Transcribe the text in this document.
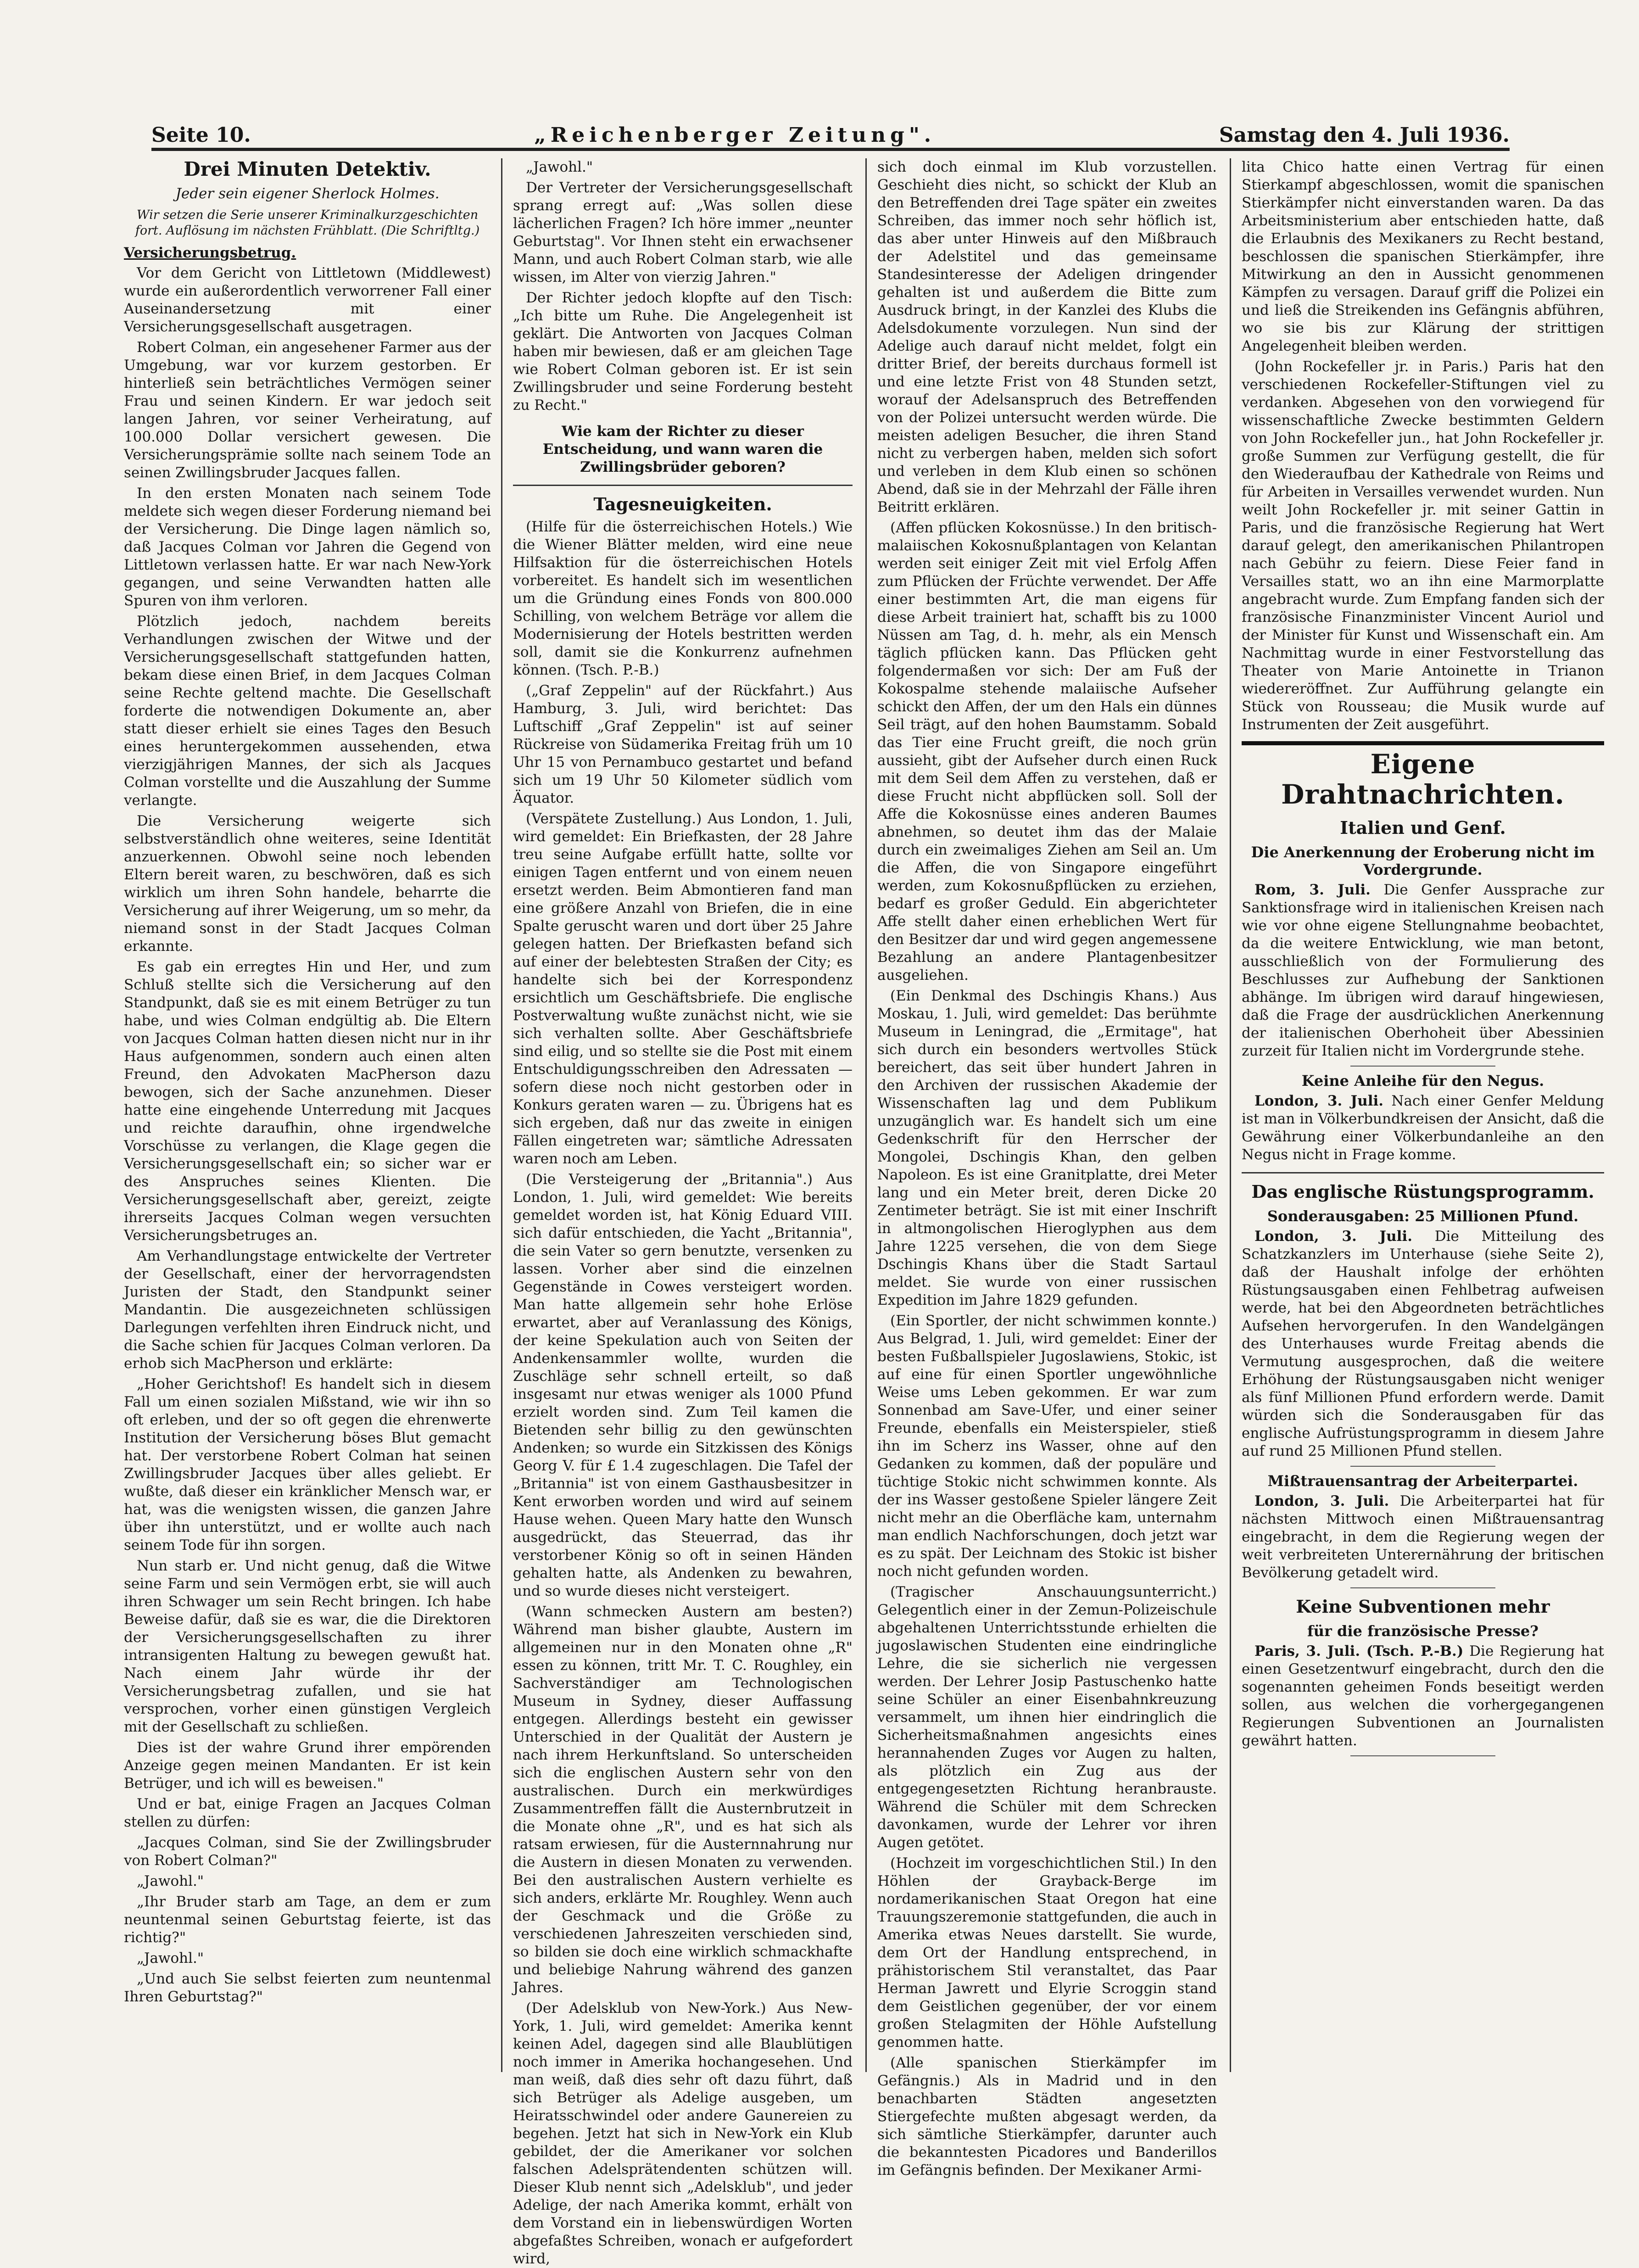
Seite 10.	„Reichenberger Zeitung".	Samstag den 4. Juli 1936.
Drei Minuten Detektiv.
Jeder sein eigener Sherlock Holmes.
Wir setzen die Serie unserer Kriminalkurzgeschichten fort. Auflösung im nächsten Frühblatt. (Die Schriftltg.)
Versicherungsbetrug.

Vor dem Gericht von Littletown (Middlewest) wurde ein außerordentlich verworrener Fall einer Auseinandersetzung mit einer Versicherungsgesellschaft ausgetragen.

Robert Colman, ein angesehener Farmer aus der Umgebung, war vor kurzem gestorben. Er hinterließ sein beträchtliches Vermögen seiner Frau und seinen Kindern. Er war jedoch seit langen Jahren, vor seiner Verheiratung, auf 100.000 Dollar versichert gewesen. Die Versicherungsprämie sollte nach seinem Tode an seinen Zwillingsbruder Jacques fallen.

In den ersten Monaten nach seinem Tode meldete sich wegen dieser Forderung niemand bei der Versicherung. Die Dinge lagen nämlich so, daß Jacques Colman vor Jahren die Gegend von Littletown verlassen hatte. Er war nach New-York gegangen, und seine Verwandten hatten alle Spuren von ihm verloren.

Plötzlich jedoch, nachdem bereits Verhandlungen zwischen der Witwe und der Versicherungsgesellschaft stattgefunden hatten, bekam diese einen Brief, in dem Jacques Colman seine Rechte geltend machte. Die Gesellschaft forderte die notwendigen Dokumente an, aber statt dieser erhielt sie eines Tages den Besuch eines heruntergekommen aussehenden, etwa vierzigjährigen Mannes, der sich als Jacques Colman vorstellte und die Auszahlung der Summe verlangte.

Die Versicherung weigerte sich selbstverständlich ohne weiteres, seine Identität anzuerkennen. Obwohl seine noch lebenden Eltern bereit waren, zu beschwören, daß es sich wirklich um ihren Sohn handele, beharrte die Versicherung auf ihrer Weigerung, um so mehr, da niemand sonst in der Stadt Jacques Colman erkannte.

Es gab ein erregtes Hin und Her, und zum Schluß stellte sich die Versicherung auf den Standpunkt, daß sie es mit einem Betrüger zu tun habe, und wies Colman endgültig ab. Die Eltern von Jacques Colman hatten diesen nicht nur in ihr Haus aufgenommen, sondern auch einen alten Freund, den Advokaten MacPherson dazu bewogen, sich der Sache anzunehmen. Dieser hatte eine eingehende Unterredung mit Jacques und reichte daraufhin, ohne irgendwelche Vorschüsse zu verlangen, die Klage gegen die Versicherungsgesellschaft ein; so sicher war er des Anspruches seines Klienten. Die Versicherungsgesellschaft aber, gereizt, zeigte ihrerseits Jacques Colman wegen versuchten Versicherungsbetruges an.

Am Verhandlungstage entwickelte der Vertreter der Gesellschaft, einer der hervorragendsten Juristen der Stadt, den Standpunkt seiner Mandantin. Die ausgezeichneten schlüssigen Darlegungen verfehlten ihren Eindruck nicht, und die Sache schien für Jacques Colman verloren. Da erhob sich MacPherson und erklärte:

„Hoher Gerichtshof! Es handelt sich in diesem Fall um einen sozialen Mißstand, wie wir ihn so oft erleben, und der so oft gegen die ehrenwerte Institution der Versicherung böses Blut gemacht hat. Der verstorbene Robert Colman hat seinen Zwillingsbruder Jacques über alles geliebt. Er wußte, daß dieser ein kränklicher Mensch war, er hat, was die wenigsten wissen, die ganzen Jahre über ihn unterstützt, und er wollte auch nach seinem Tode für ihn sorgen.

Nun starb er. Und nicht genug, daß die Witwe seine Farm und sein Vermögen erbt, sie will auch ihren Schwager um sein Recht bringen. Ich habe Beweise dafür, daß sie es war, die die Direktoren der Versicherungsgesellschaften zu ihrer intransigenten Haltung zu bewegen gewußt hat. Nach einem Jahr würde ihr der Versicherungsbetrag zufallen, und sie hat versprochen, vorher einen günstigen Vergleich mit der Gesellschaft zu schließen.

Dies ist der wahre Grund ihrer empörenden Anzeige gegen meinen Mandanten. Er ist kein Betrüger, und ich will es beweisen."

Und er bat, einige Fragen an Jacques Colman stellen zu dürfen:

„Jacques Colman, sind Sie der Zwillingsbruder von Robert Colman?"

„Jawohl."

„Ihr Bruder starb am Tage, an dem er zum neuntenmal seinen Geburtstag feierte, ist das richtig?"

„Jawohl."

„Und auch Sie selbst feierten zum neuntenmal Ihren Geburtstag?"

„Jawohl."

Der Vertreter der Versicherungsgesellschaft sprang erregt auf: „Was sollen diese lächerlichen Fragen? Ich höre immer „neunter Geburtstag". Vor Ihnen steht ein erwachsener Mann, und auch Robert Colman starb, wie alle wissen, im Alter von vierzig Jahren."

Der Richter jedoch klopfte auf den Tisch: „Ich bitte um Ruhe. Die Angelegenheit ist geklärt. Die Antworten von Jacques Colman haben mir bewiesen, daß er am gleichen Tage wie Robert Colman geboren ist. Er ist sein Zwillingsbruder und seine Forderung besteht zu Recht."

Wie kam der Richter zu dieser Entscheidung, und wann waren die Zwillingsbrüder geboren?

Tagesneuigkeiten.

(Hilfe für die österreichischen Hotels.) Wie die Wiener Blätter melden, wird eine neue Hilfsaktion für die österreichischen Hotels vorbereitet. Es handelt sich im wesentlichen um die Gründung eines Fonds von 800.000 Schilling, von welchem Beträge vor allem die Modernisierung der Hotels bestritten werden soll, damit sie die Konkurrenz aufnehmen können. (Tsch. P.-B.)

(„Graf Zeppelin" auf der Rückfahrt.) Aus Hamburg, 3. Juli, wird berichtet: Das Luftschiff „Graf Zeppelin" ist auf seiner Rückreise von Südamerika Freitag früh um 10 Uhr 15 von Pernambuco gestartet und befand sich um 19 Uhr 50 Kilometer südlich vom Äquator.

(Verspätete Zustellung.) Aus London, 1. Juli, wird gemeldet: Ein Briefkasten, der 28 Jahre treu seine Aufgabe erfüllt hatte, sollte vor einigen Tagen entfernt und von einem neuen ersetzt werden. Beim Abmontieren fand man eine größere Anzahl von Briefen, die in eine Spalte geruscht waren und dort über 25 Jahre gelegen hatten. Der Briefkasten befand sich auf einer der belebtesten Straßen der City; es handelte sich bei der Korrespondenz ersichtlich um Geschäftsbriefe. Die englische Postverwaltung wußte zunächst nicht, wie sie sich verhalten sollte. Aber Geschäftsbriefe sind eilig, und so stellte sie die Post mit einem Entschuldigungsschreiben den Adressaten — sofern diese noch nicht gestorben oder in Konkurs geraten waren — zu. Übrigens hat es sich ergeben, daß nur das zweite in einigen Fällen eingetreten war; sämtliche Adressaten waren noch am Leben.

(Die Versteigerung der „Britannia".) Aus London, 1. Juli, wird gemeldet: Wie bereits gemeldet worden ist, hat König Eduard VIII. sich dafür entschieden, die Yacht „Britannia", die sein Vater so gern benutzte, versenken zu lassen. Vorher aber sind die einzelnen Gegenstände in Cowes versteigert worden. Man hatte allgemein sehr hohe Erlöse erwartet, aber auf Veranlassung des Königs, der keine Spekulation auch von Seiten der Andenkensammler wollte, wurden die Zuschläge sehr schnell erteilt, so daß insgesamt nur etwas weniger als 1000 Pfund erzielt worden sind. Zum Teil kamen die Bietenden sehr billig zu den gewünschten Andenken; so wurde ein Sitzkissen des Königs Georg V. für £ 1.4 zugeschlagen. Die Tafel der „Britannia" ist von einem Gasthausbesitzer in Kent erworben worden und wird auf seinem Hause wehen. Queen Mary hatte den Wunsch ausgedrückt, das Steuerrad, das ihr verstorbener König so oft in seinen Händen gehalten hatte, als Andenken zu bewahren, und so wurde dieses nicht versteigert.

(Wann schmecken Austern am besten?) Während man bisher glaubte, Austern im allgemeinen nur in den Monaten ohne „R" essen zu können, tritt Mr. T. C. Roughley, ein Sachverständiger am Technologischen Museum in Sydney, dieser Auffassung entgegen. Allerdings besteht ein gewisser Unterschied in der Qualität der Austern je nach ihrem Herkunftsland. So unterscheiden sich die englischen Austern sehr von den australischen. Durch ein merkwürdiges Zusammentreffen fällt die Austernbrutzeit in die Monate ohne „R", und es hat sich als ratsam erwiesen, für die Austernnahrung nur die Austern in diesen Monaten zu verwenden. Bei den australischen Austern verhielte es sich anders, erklärte Mr. Roughley. Wenn auch der Geschmack und die Größe zu verschiedenen Jahreszeiten verschieden sind, so bilden sie doch eine wirklich schmackhafte und beliebige Nahrung während des ganzen Jahres.

(Der Adelsklub von New-York.) Aus New-York, 1. Juli, wird gemeldet: Amerika kennt keinen Adel, dagegen sind alle Blaublütigen noch immer in Amerika hochangesehen. Und man weiß, daß dies sehr oft dazu führt, daß sich Betrüger als Adelige ausgeben, um Heiratsschwindel oder andere Gaunereien zu begehen. Jetzt hat sich in New-York ein Klub gebildet, der die Amerikaner vor solchen falschen Adelsprätendenten schützen will. Dieser Klub nennt sich „Adelsklub", und jeder Adelige, der nach Amerika kommt, erhält von dem Vorstand ein in liebenswürdigen Worten abgefaßtes Schreiben, wonach er aufgefordert wird,

sich doch einmal im Klub vorzustellen. Geschieht dies nicht, so schickt der Klub an den Betreffenden drei Tage später ein zweites Schreiben, das immer noch sehr höflich ist, das aber unter Hinweis auf den Mißbrauch der Adelstitel und das gemeinsame Standesinteresse der Adeligen dringender gehalten ist und außerdem die Bitte zum Ausdruck bringt, in der Kanzlei des Klubs die Adelsdokumente vorzulegen. Nun sind der Adelige auch darauf nicht meldet, folgt ein dritter Brief, der bereits durchaus formell ist und eine letzte Frist von 48 Stunden setzt, worauf der Adelsanspruch des Betreffenden von der Polizei untersucht werden würde. Die meisten adeligen Besucher, die ihren Stand nicht zu verbergen haben, melden sich sofort und verleben in dem Klub einen so schönen Abend, daß sie in der Mehrzahl der Fälle ihren Beitritt erklären.

(Affen pflücken Kokosnüsse.) In den britisch-malaiischen Kokosnußplantagen von Kelantan werden seit einiger Zeit mit viel Erfolg Affen zum Pflücken der Früchte verwendet. Der Affe einer bestimmten Art, die man eigens für diese Arbeit trainiert hat, schafft bis zu 1000 Nüssen am Tag, d. h. mehr, als ein Mensch täglich pflücken kann. Das Pflücken geht folgendermaßen vor sich: Der am Fuß der Kokospalme stehende malaiische Aufseher schickt den Affen, der um den Hals ein dünnes Seil trägt, auf den hohen Baumstamm. Sobald das Tier eine Frucht greift, die noch grün aussieht, gibt der Aufseher durch einen Ruck mit dem Seil dem Affen zu verstehen, daß er diese Frucht nicht abpflücken soll. Soll der Affe die Kokosnüsse eines anderen Baumes abnehmen, so deutet ihm das der Malaie durch ein zweimaliges Ziehen am Seil an. Um die Affen, die von Singapore eingeführt werden, zum Kokosnußpflücken zu erziehen, bedarf es großer Geduld. Ein abgerichteter Affe stellt daher einen erheblichen Wert für den Besitzer dar und wird gegen angemessene Bezahlung an andere Plantagenbesitzer ausgeliehen.

(Ein Denkmal des Dschingis Khans.) Aus Moskau, 1. Juli, wird gemeldet: Das berühmte Museum in Leningrad, die „Ermitage", hat sich durch ein besonders wertvolles Stück bereichert, das seit über hundert Jahren in den Archiven der russischen Akademie der Wissenschaften lag und dem Publikum unzugänglich war. Es handelt sich um eine Gedenkschrift für den Herrscher der Mongolei, Dschingis Khan, den gelben Napoleon. Es ist eine Granitplatte, drei Meter lang und ein Meter breit, deren Dicke 20 Zentimeter beträgt. Sie ist mit einer Inschrift in altmongolischen Hieroglyphen aus dem Jahre 1225 versehen, die von dem Siege Dschingis Khans über die Stadt Sartaul meldet. Sie wurde von einer russischen Expedition im Jahre 1829 gefunden.

(Ein Sportler, der nicht schwimmen konnte.) Aus Belgrad, 1. Juli, wird gemeldet: Einer der besten Fußballspieler Jugoslawiens, Stokic, ist auf eine für einen Sportler ungewöhnliche Weise ums Leben gekommen. Er war zum Sonnenbad am Save-Ufer, und einer seiner Freunde, ebenfalls ein Meisterspieler, stieß ihn im Scherz ins Wasser, ohne auf den Gedanken zu kommen, daß der populäre und tüchtige Stokic nicht schwimmen konnte. Als der ins Wasser gestoßene Spieler längere Zeit nicht mehr an die Oberfläche kam, unternahm man endlich Nachforschungen, doch jetzt war es zu spät. Der Leichnam des Stokic ist bisher noch nicht gefunden worden.

(Tragischer Anschauungsunterricht.) Gelegentlich einer in der Zemun-Polizeischule abgehaltenen Unterrichtsstunde erhielten die jugoslawischen Studenten eine eindringliche Lehre, die sie sicherlich nie vergessen werden. Der Lehrer Josip Pastuschenko hatte seine Schüler an einer Eisenbahnkreuzung versammelt, um ihnen hier eindringlich die Sicherheitsmaßnahmen angesichts eines herannahenden Zuges vor Augen zu halten, als plötzlich ein Zug aus der entgegengesetzten Richtung heranbrauste. Während die Schüler mit dem Schrecken davonkamen, wurde der Lehrer vor ihren Augen getötet.

(Hochzeit im vorgeschichtlichen Stil.) In den Höhlen der Grayback-Berge im nordamerikanischen Staat Oregon hat eine Trauungszeremonie stattgefunden, die auch in Amerika etwas Neues darstellt. Sie wurde, dem Ort der Handlung entsprechend, in prähistorischem Stil veranstaltet, das Paar Herman Jawrett und Elyrie Scroggin stand dem Geistlichen gegenüber, der vor einem großen Stelagmiten der Höhle Aufstellung genommen hatte.

(Alle spanischen Stierkämpfer im Gefängnis.) Als in Madrid und in den benachbarten Städten angesetzten Stiergefechte mußten abgesagt werden, da sich sämtliche Stierkämpfer, darunter auch die bekanntesten Picadores und Banderillos im Gefängnis befinden. Der Mexikaner Armi-

lita Chico hatte einen Vertrag für einen Stierkampf abgeschlossen, womit die spanischen Stierkämpfer nicht einverstanden waren. Da das Arbeitsministerium aber entschieden hatte, daß die Erlaubnis des Mexikaners zu Recht bestand, beschlossen die spanischen Stierkämpfer, ihre Mitwirkung an den in Aussicht genommenen Kämpfen zu versagen. Darauf griff die Polizei ein und ließ die Streikenden ins Gefängnis abführen, wo sie bis zur Klärung der strittigen Angelegenheit bleiben werden.

(John Rockefeller jr. in Paris.) Paris hat den verschiedenen Rockefeller-Stiftungen viel zu verdanken. Abgesehen von den vorwiegend für wissenschaftliche Zwecke bestimmten Geldern von John Rockefeller jun., hat John Rockefeller jr. große Summen zur Verfügung gestellt, die für den Wiederaufbau der Kathedrale von Reims und für Arbeiten in Versailles verwendet wurden. Nun weilt John Rockefeller jr. mit seiner Gattin in Paris, und die französische Regierung hat Wert darauf gelegt, den amerikanischen Philantropen nach Gebühr zu feiern. Diese Feier fand in Versailles statt, wo an ihn eine Marmorplatte angebracht wurde. Zum Empfang fanden sich der französische Finanzminister Vincent Auriol und der Minister für Kunst und Wissenschaft ein. Am Nachmittag wurde in einer Festvorstellung das Theater von Marie Antoinette in Trianon wiedereröffnet. Zur Aufführung gelangte ein Stück von Rousseau; die Musik wurde auf Instrumenten der Zeit ausgeführt.

Eigene Drahtnachrichten.
Italien und Genf.
Die Anerkennung der Eroberung nicht im Vordergrunde.

Rom, 3. Juli. Die Genfer Aussprache zur Sanktionsfrage wird in italienischen Kreisen nach wie vor ohne eigene Stellungnahme beobachtet, da die weitere Entwicklung, wie man betont, ausschließlich von der Formulierung des Beschlusses zur Aufhebung der Sanktionen abhänge. Im übrigen wird darauf hingewiesen, daß die Frage der ausdrücklichen Anerkennung der italienischen Oberhoheit über Abessinien zurzeit für Italien nicht im Vordergrunde stehe.

Keine Anleihe für den Negus.

London, 3. Juli. Nach einer Genfer Meldung ist man in Völkerbundkreisen der Ansicht, daß die Gewährung einer Völkerbundanleihe an den Negus nicht in Frage komme.

Das englische Rüstungsprogramm.
Sonderausgaben: 25 Millionen Pfund.

London, 3. Juli. Die Mitteilung des Schatzkanzlers im Unterhause (siehe Seite 2), daß der Haushalt infolge der erhöhten Rüstungsausgaben einen Fehlbetrag aufweisen werde, hat bei den Abgeordneten beträchtliches Aufsehen hervorgerufen. In den Wandelgängen des Unterhauses wurde Freitag abends die Vermutung ausgesprochen, daß die weitere Erhöhung der Rüstungsausgaben nicht weniger als fünf Millionen Pfund erfordern werde. Damit würden sich die Sonderausgaben für das englische Aufrüstungsprogramm in diesem Jahre auf rund 25 Millionen Pfund stellen.

Mißtrauensantrag der Arbeiterpartei.

London, 3. Juli. Die Arbeiterpartei hat für nächsten Mittwoch einen Mißtrauensantrag eingebracht, in dem die Regierung wegen der weit verbreiteten Unterernährung der britischen Bevölkerung getadelt wird.

Keine Subventionen mehr
für die französische Presse?

Paris, 3. Juli. (Tsch. P.-B.) Die Regierung hat einen Gesetzentwurf eingebracht, durch den die sogenannten geheimen Fonds beseitigt werden sollen, aus welchen die vorhergegangenen Regierungen Subventionen an Journalisten gewährt hatten.
